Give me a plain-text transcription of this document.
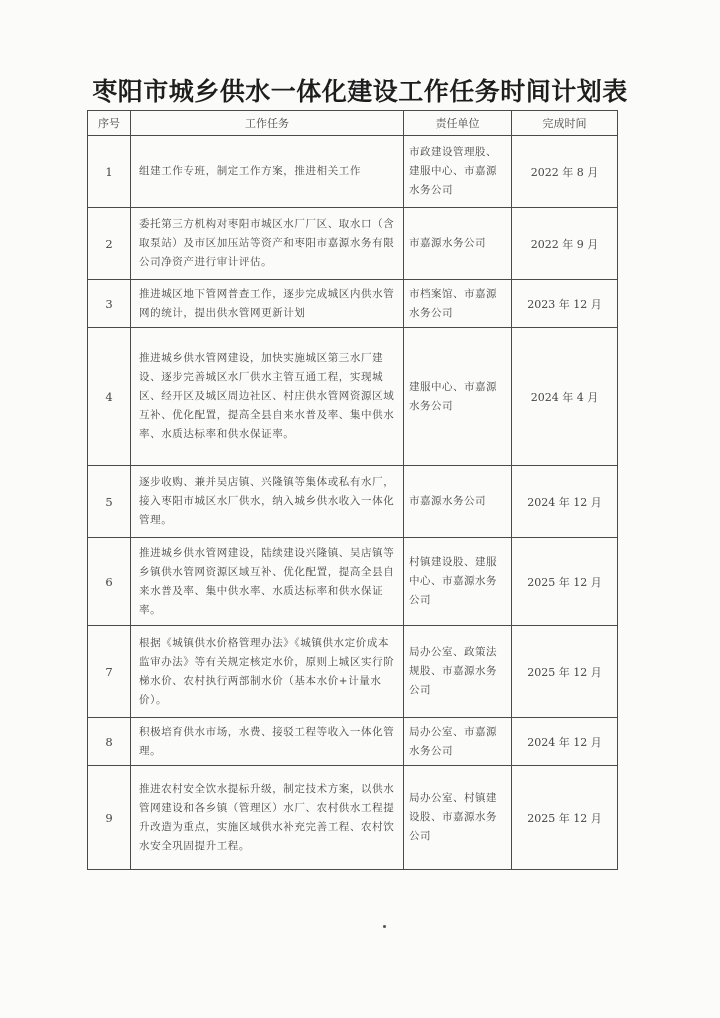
枣阳市城乡供水一体化建设工作任务时间计划表
序号	工作任务	责任单位	完成时间
1	组建工作专班，制定工作方案，推进相关工作	市政建设管理股、建服中心、市嘉源水务公司	2022 年 8 月
2	委托第三方机构对枣阳市城区水厂厂区、取水口（含取泵站）及市区加压站等资产和枣阳市嘉源水务有限公司净资产进行审计评估。	市嘉源水务公司	2022 年 9 月
3	推进城区地下管网普查工作，逐步完成城区内供水管网的统计，提出供水管网更新计划	市档案馆、市嘉源水务公司	2023 年 12 月
4	推进城乡供水管网建设，加快实施城区第三水厂建设、逐步完善城区水厂供水主管互通工程，实现城区、经开区及城区周边社区、村庄供水管网资源区域互补、优化配置，提高全县自来水普及率、集中供水率、水质达标率和供水保证率。	建服中心、市嘉源水务公司	2024 年 4 月
5	逐步收购、兼并吴店镇、兴隆镇等集体或私有水厂，接入枣阳市城区水厂供水，纳入城乡供水收入一体化管理。	市嘉源水务公司	2024 年 12 月
6	推进城乡供水管网建设，陆续建设兴隆镇、吴店镇等乡镇供水管网资源区域互补、优化配置，提高全县自来水普及率、集中供水率、水质达标率和供水保证率。	村镇建设股、建服中心、市嘉源水务公司	2025 年 12 月
7	根据《城镇供水价格管理办法》《城镇供水定价成本监审办法》等有关规定核定水价，原则上城区实行阶梯水价、农村执行两部制水价（基本水价+计量水价）。	局办公室、政策法规股、市嘉源水务公司	2025 年 12 月
8	积极培育供水市场，水费、接驳工程等收入一体化管理。	局办公室、市嘉源水务公司	2024 年 12 月
9	推进农村安全饮水提标升级，制定技术方案，以供水管网建设和各乡镇（管理区）水厂、农村供水工程提升改造为重点，实施区域供水补充完善工程、农村饮水安全巩固提升工程。	局办公室、村镇建设股、市嘉源水务公司	2025 年 12 月
